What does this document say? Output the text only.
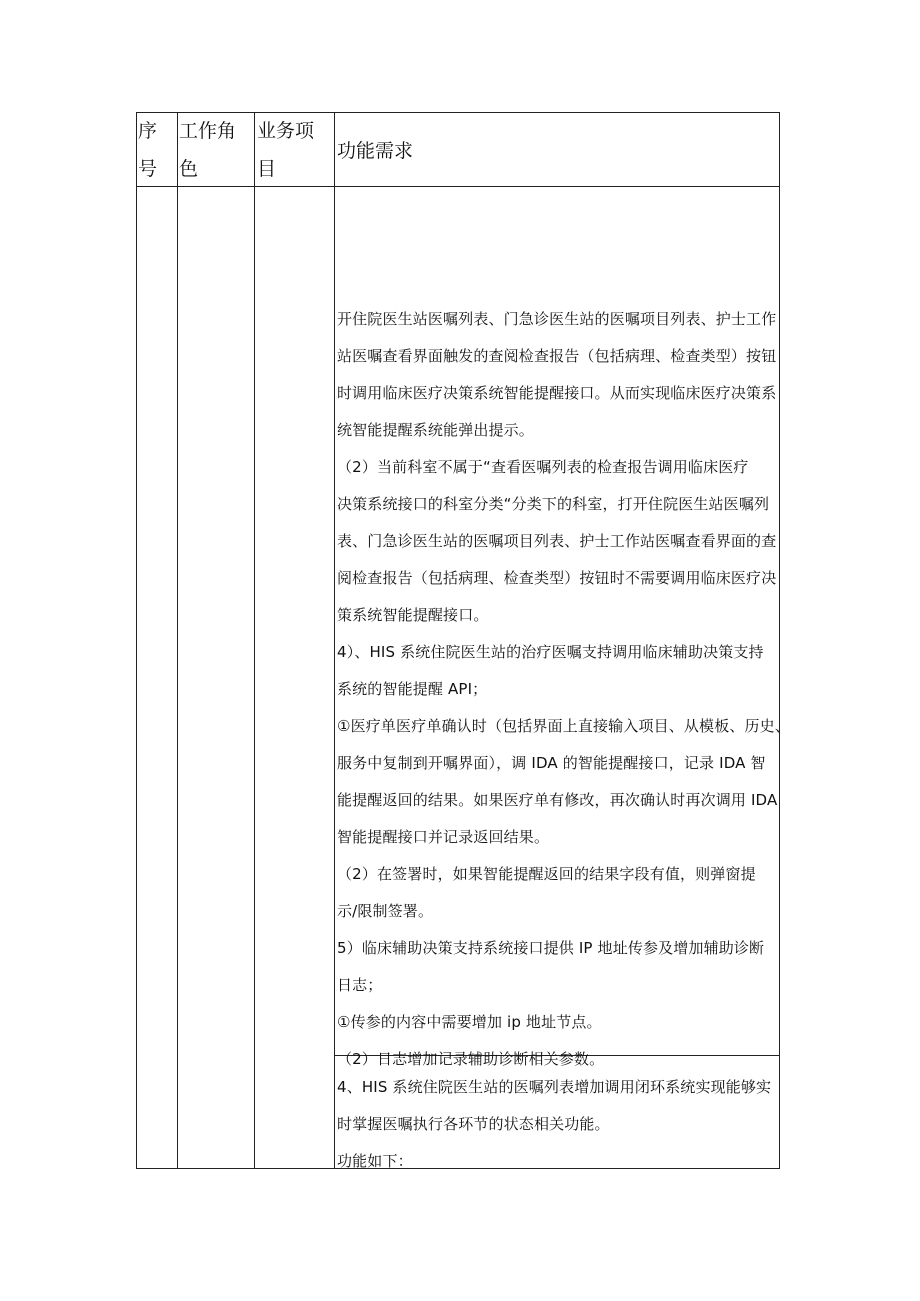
序
号
工作角
色
业务项
目
功能需求
开住院医生站医嘱列表、门急诊医生站的医嘱项目列表、护士工作
站医嘱查看界面触发的查阅检查报告（包括病理、检查类型）按钮
时调用临床医疗决策系统智能提醒接口。从而实现临床医疗决策系
统智能提醒系统能弹出提示。
（2）当前科室不属于“查看医嘱列表的检查报告调用临床医疗
决策系统接口的科室分类“分类下的科室，打开住院医生站医嘱列
表、门急诊医生站的医嘱项目列表、护士工作站医嘱查看界面的查
阅检查报告（包括病理、检查类型）按钮时不需要调用临床医疗决
策系统智能提醒接口。
4）、HIS 系统住院医生站的治疗医嘱支持调用临床辅助决策支持
系统的智能提醒 API；
①医疗单医疗单确认时（包括界面上直接输入项目、从模板、历史、
服务中复制到开嘱界面），调 IDA 的智能提醒接口，记录 IDA 智
能提醒返回的结果。如果医疗单有修改，再次确认时再次调用 IDA
智能提醒接口并记录返回结果。
（2）在签署时，如果智能提醒返回的结果字段有值，则弹窗提
示/限制签署。
5）临床辅助决策支持系统接口提供 IP 地址传参及增加辅助诊断
日志；
①传参的内容中需要增加 ip 地址节点。
（2）日志增加记录辅助诊断相关参数。
4、HIS 系统住院医生站的医嘱列表增加调用闭环系统实现能够实
时掌握医嘱执行各环节的状态相关功能。
功能如下：
